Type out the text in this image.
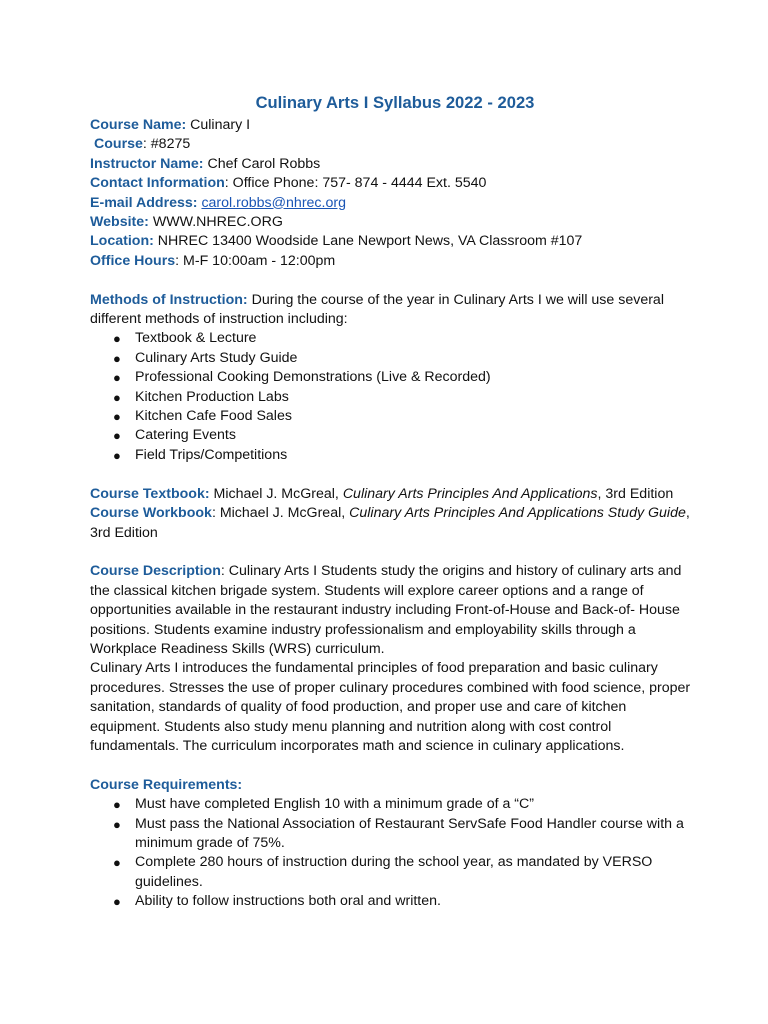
Culinary Arts I Syllabus 2022 - 2023
Course Name: Culinary I
Course: #8275
Instructor Name: Chef Carol Robbs
Contact Information: Office Phone: 757- 874 - 4444 Ext. 5540
E-mail Address: carol.robbs@nhrec.org
Website: WWW.NHREC.ORG
Location: NHREC 13400 Woodside Lane Newport News, VA Classroom #107
Office Hours: M-F 10:00am - 12:00pm
Methods of Instruction: During the course of the year in Culinary Arts I we will use several
different methods of instruction including:
● Textbook & Lecture
● Culinary Arts Study Guide
● Professional Cooking Demonstrations (Live & Recorded)
● Kitchen Production Labs
● Kitchen Cafe Food Sales
● Catering Events
● Field Trips/Competitions
Course Textbook: Michael J. McGreal, Culinary Arts Principles And Applications, 3rd Edition
Course Workbook: Michael J. McGreal, Culinary Arts Principles And Applications Study Guide,
3rd Edition
Course Description: Culinary Arts I Students study the origins and history of culinary arts and
the classical kitchen brigade system. Students will explore career options and a range of
opportunities available in the restaurant industry including Front-of-House and Back-of- House
positions. Students examine industry professionalism and employability skills through a
Workplace Readiness Skills (WRS) curriculum.
Culinary Arts I introduces the fundamental principles of food preparation and basic culinary
procedures. Stresses the use of proper culinary procedures combined with food science, proper
sanitation, standards of quality of food production, and proper use and care of kitchen
equipment. Students also study menu planning and nutrition along with cost control
fundamentals. The curriculum incorporates math and science in culinary applications.
Course Requirements:
● Must have completed English 10 with a minimum grade of a “C”
● Must pass the National Association of Restaurant ServSafe Food Handler course with a
minimum grade of 75%.
● Complete 280 hours of instruction during the school year, as mandated by VERSO
guidelines.
● Ability to follow instructions both oral and written.
